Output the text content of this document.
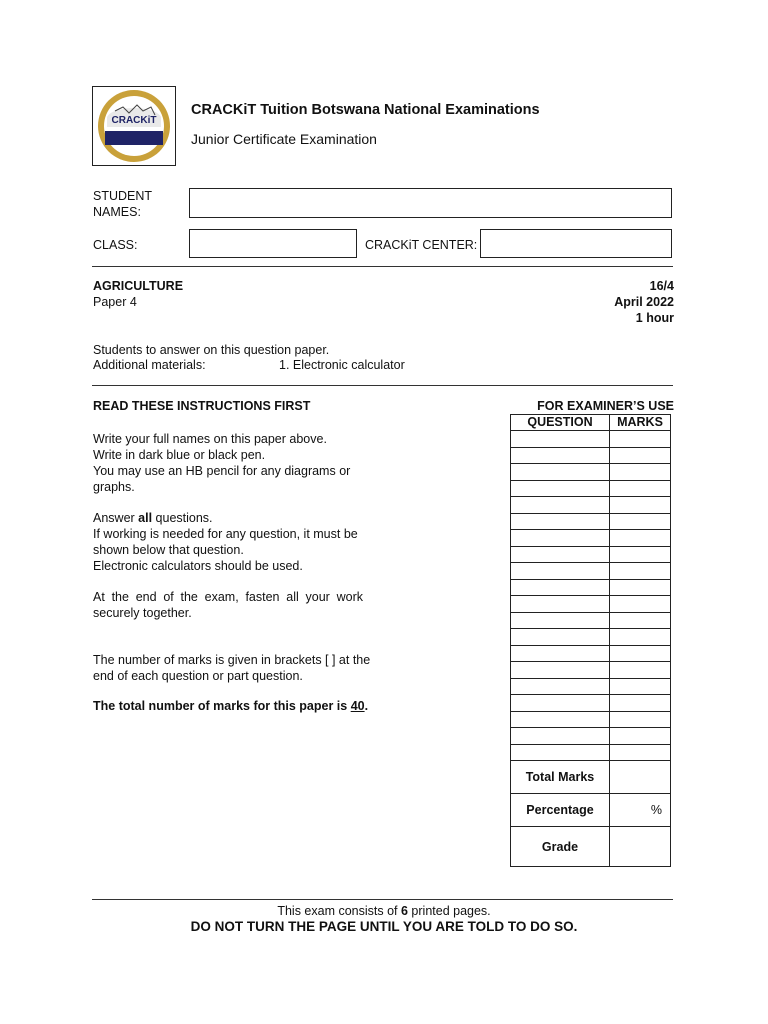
CRACKiT
CRACKiT Tuition Botswana National Examinations
Junior Certificate Examination
STUDENT NAMES:
CLASS:	CRACKiT CENTER:
AGRICULTURE
Paper 4
16/4
April 2022
1 hour
Students to answer on this question paper.
Additional materials:	1. Electronic calculator
READ THESE INSTRUCTIONS FIRST
Write your full names on this paper above.
Write in dark blue or black pen.
You may use an HB pencil for any diagrams or
graphs.
Answer all questions.
If working is needed for any question, it must be
shown below that question.
Electronic calculators should be used.
At the end of the exam, fasten all your work
securely together.
The number of marks is given in brackets [ ] at the
end of each question or part question.
The total number of marks for this paper is 40.
FOR EXAMINER’S USE
QUESTION	MARKS

Total Marks	
Percentage	%
Grade	
This exam consists of 6 printed pages.
DO NOT TURN THE PAGE UNTIL YOU ARE TOLD TO DO SO.
